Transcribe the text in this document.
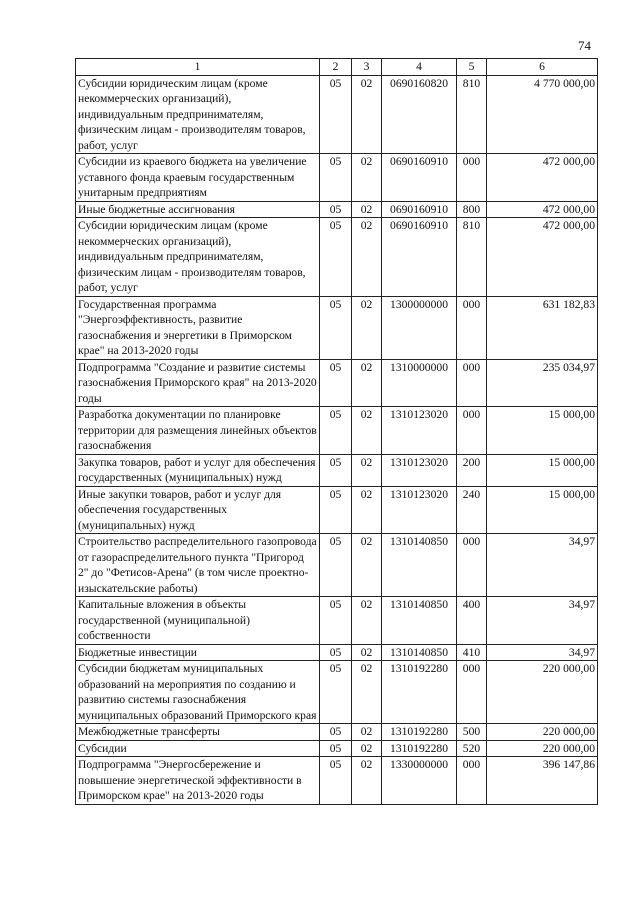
74
1	2	3	4	5	6
Субсидии юридическим лицам (кроме некоммерческих организаций), индивидуальным предпринимателям, физическим лицам - производителям товаров, работ, услуг	05	02	0690160820	810	4 770 000,00
Субсидии из краевого бюджета на увеличение уставного фонда краевым государственным унитарным предприятиям	05	02	0690160910	000	472 000,00
Иные бюджетные ассигнования	05	02	0690160910	800	472 000,00
Субсидии юридическим лицам (кроме некоммерческих организаций), индивидуальным предпринимателям, физическим лицам - производителям товаров, работ, услуг	05	02	0690160910	810	472 000,00
Государственная программа "Энергоэффективность, развитие газоснабжения и энергетики в Приморском крае" на 2013-2020 годы	05	02	1300000000	000	631 182,83
Подпрограмма "Создание и развитие системы газоснабжения Приморского края" на 2013-2020 годы	05	02	1310000000	000	235 034,97
Разработка документации по планировке территории для размещения линейных объектов газоснабжения	05	02	1310123020	000	15 000,00
Закупка товаров, работ и услуг для обеспечения государственных (муниципальных) нужд	05	02	1310123020	200	15 000,00
Иные закупки товаров, работ и услуг для обеспечения государственных (муниципальных) нужд	05	02	1310123020	240	15 000,00
Строительство распределительного газопровода от газораспределительного пункта "Пригород 2" до "Фетисов-Арена" (в том числе проектно-изыскательские работы)	05	02	1310140850	000	34,97
Капитальные вложения в объекты государственной (муниципальной) собственности	05	02	1310140850	400	34,97
Бюджетные инвестиции	05	02	1310140850	410	34,97
Субсидии бюджетам муниципальных образований на мероприятия по созданию и развитию системы газоснабжения муниципальных образований Приморского края	05	02	1310192280	000	220 000,00
Межбюджетные трансферты	05	02	1310192280	500	220 000,00
Субсидии	05	02	1310192280	520	220 000,00
Подпрограмма "Энергосбережение и повышение энергетической эффективности в Приморском крае" на 2013-2020 годы	05	02	1330000000	000	396 147,86
